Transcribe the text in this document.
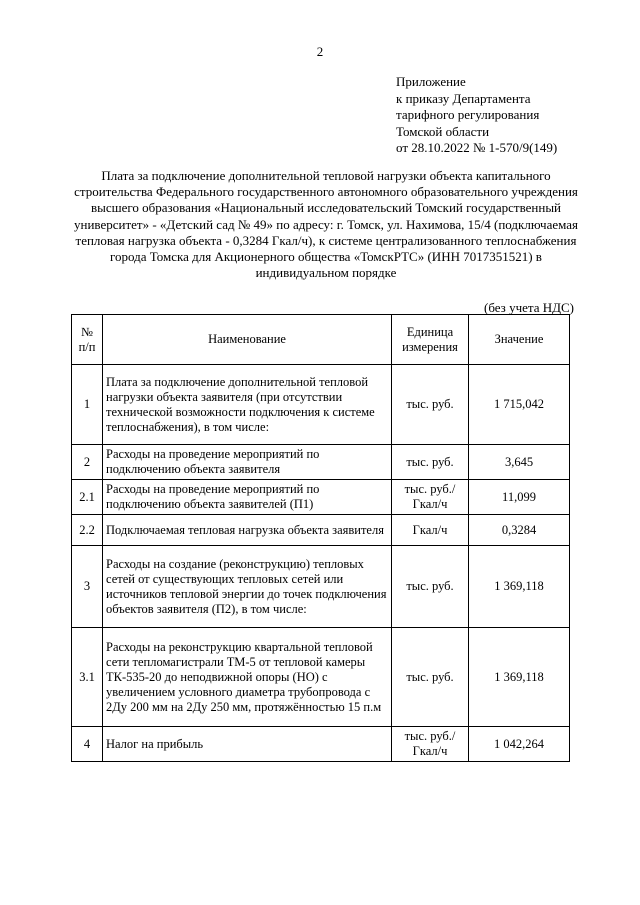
2
Приложение
к приказу Департамента
тарифного регулирования
Томской области
от 28.10.2022 № 1-570/9(149)
Плата за подключение дополнительной тепловой нагрузки объекта капитального строительства Федерального государственного автономного образовательного учреждения высшего образования «Национальный исследовательский Томский государственный университет» - «Детский сад № 49» по адресу: г. Томск, ул. Нахимова, 15/4 (подключаемая тепловая нагрузка объекта - 0,3284 Гкал/ч), к системе централизованного теплоснабжения города Томска для Акционерного общества «ТомскРТС» (ИНН 7017351521) в индивидуальном порядке
(без учета НДС)
№ п/п	Наименование	Единица измерения	Значение
1	Плата за подключение дополнительной тепловой нагрузки объекта заявителя (при отсутствии технической возможности подключения к системе теплоснабжения), в том числе:	тыс. руб.	1 715,042
2	Расходы на проведение мероприятий по подключению объекта заявителя	тыс. руб.	3,645
2.1	Расходы на проведение мероприятий по подключению объекта заявителей (П1)	тыс. руб./ Гкал/ч	11,099
2.2	Подключаемая тепловая нагрузка объекта заявителя	Гкал/ч	0,3284
3	Расходы на создание (реконструкцию) тепловых сетей от существующих тепловых сетей или источников тепловой энергии до точек подключения объектов заявителя (П2), в том числе:	тыс. руб.	1 369,118
3.1	Расходы на реконструкцию квартальной тепловой сети тепломагистрали ТМ-5 от тепловой камеры ТК-535-20 до неподвижной опоры (НО) с увеличением условного диаметра трубопровода с 2Ду 200 мм на 2Ду 250 мм, протяжённостью 15 п.м	тыс. руб.	1 369,118
4	Налог на прибыль	тыс. руб./ Гкал/ч	1 042,264
